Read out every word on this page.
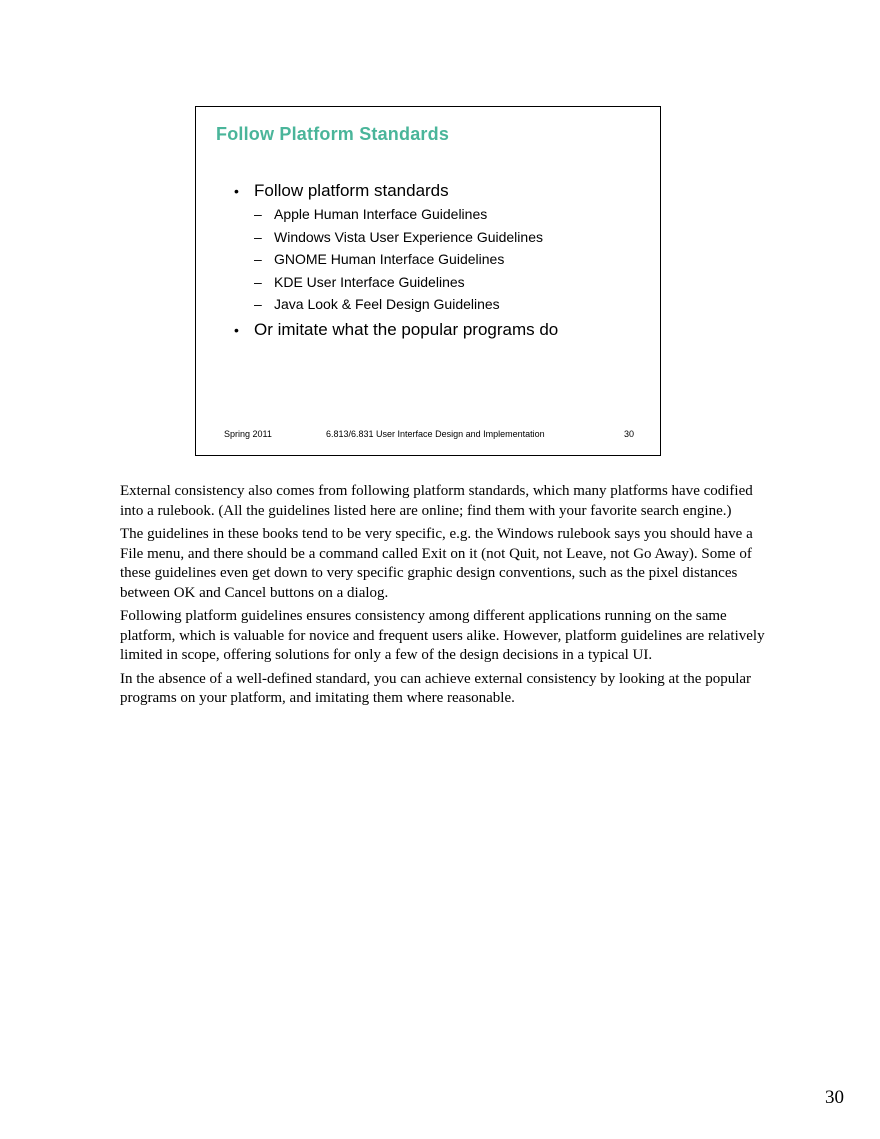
Follow Platform Standards
• Follow platform standards
– Apple Human Interface Guidelines
– Windows Vista User Experience Guidelines
– GNOME Human Interface Guidelines
– KDE User Interface Guidelines
– Java Look & Feel Design Guidelines
• Or imitate what the popular programs do
Spring 2011	6.813/6.831 User Interface Design and Implementation	30

External consistency also comes from following platform standards, which many platforms have codified into a rulebook. (All the guidelines listed here are online; find them with your favorite search engine.)

The guidelines in these books tend to be very specific, e.g. the Windows rulebook says you should have a File menu, and there should be a command called Exit on it (not Quit, not Leave, not Go Away). Some of these guidelines even get down to very specific graphic design conventions, such as the pixel distances between OK and Cancel buttons on a dialog.

Following platform guidelines ensures consistency among different applications running on the same platform, which is valuable for novice and frequent users alike. However, platform guidelines are relatively limited in scope, offering solutions for only a few of the design decisions in a typical UI.

In the absence of a well-defined standard, you can achieve external consistency by looking at the popular programs on your platform, and imitating them where reasonable.

30
